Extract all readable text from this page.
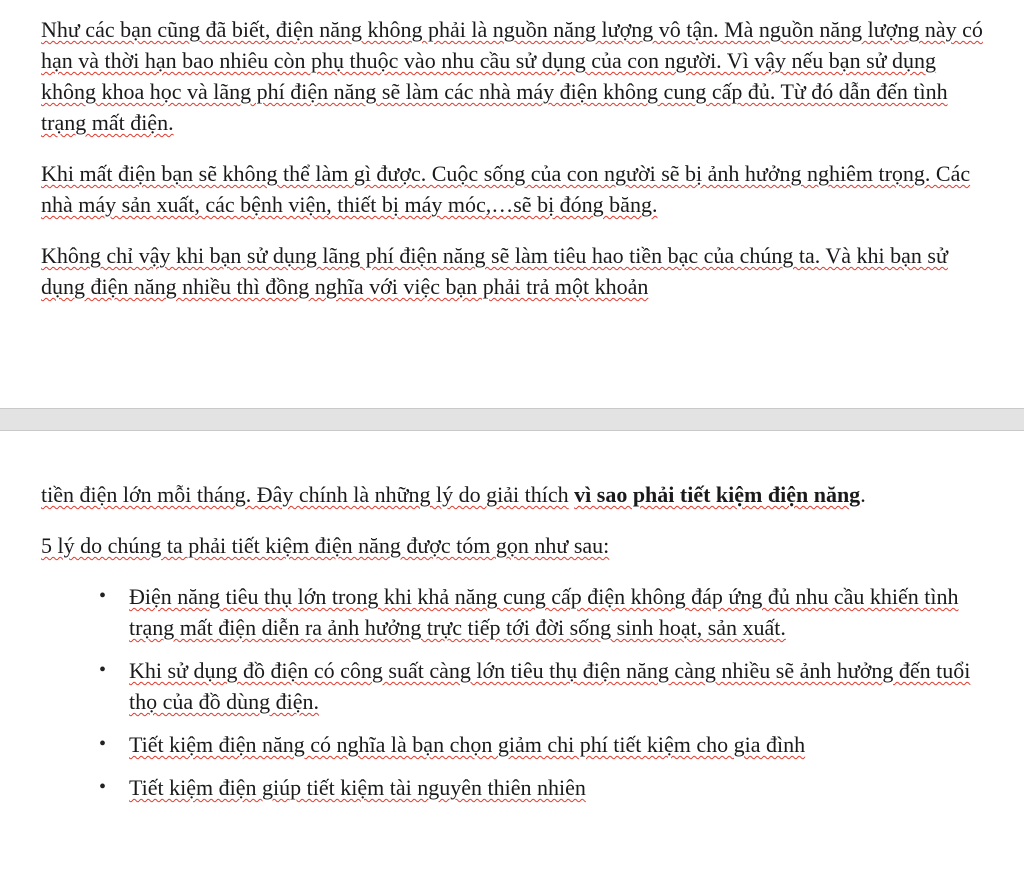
Như các bạn cũng đã biết, điện năng không phải là nguồn năng lượng vô tận. Mà nguồn năng lượng này có hạn và thời hạn bao nhiêu còn phụ thuộc vào nhu cầu sử dụng của con người. Vì vậy nếu bạn sử dụng không khoa học và lãng phí điện năng sẽ làm các nhà máy điện không cung cấp đủ. Từ đó dẫn đến tình trạng mất điện.

Khi mất điện bạn sẽ không thể làm gì được. Cuộc sống của con người sẽ bị ảnh hưởng nghiêm trọng. Các nhà máy sản xuất, các bệnh viện, thiết bị máy móc,…sẽ bị đóng băng.

Không chỉ vậy khi bạn sử dụng lãng phí điện năng sẽ làm tiêu hao tiền bạc của chúng ta. Và khi bạn sử dụng điện năng nhiều thì đồng nghĩa với việc bạn phải trả một khoản

tiền điện lớn mỗi tháng. Đây chính là những lý do giải thích vì sao phải tiết kiệm điện năng.

5 lý do chúng ta phải tiết kiệm điện năng được tóm gọn như sau:

• Điện năng tiêu thụ lớn trong khi khả năng cung cấp điện không đáp ứng đủ nhu cầu khiến tình trạng mất điện diễn ra ảnh hưởng trực tiếp tới đời sống sinh hoạt, sản xuất.
• Khi sử dụng đồ điện có công suất càng lớn tiêu thụ điện năng càng nhiều sẽ ảnh hưởng đến tuổi thọ của đồ dùng điện.
• Tiết kiệm điện năng có nghĩa là bạn chọn giảm chi phí tiết kiệm cho gia đình
• Tiết kiệm điện giúp tiết kiệm tài nguyên thiên nhiên
